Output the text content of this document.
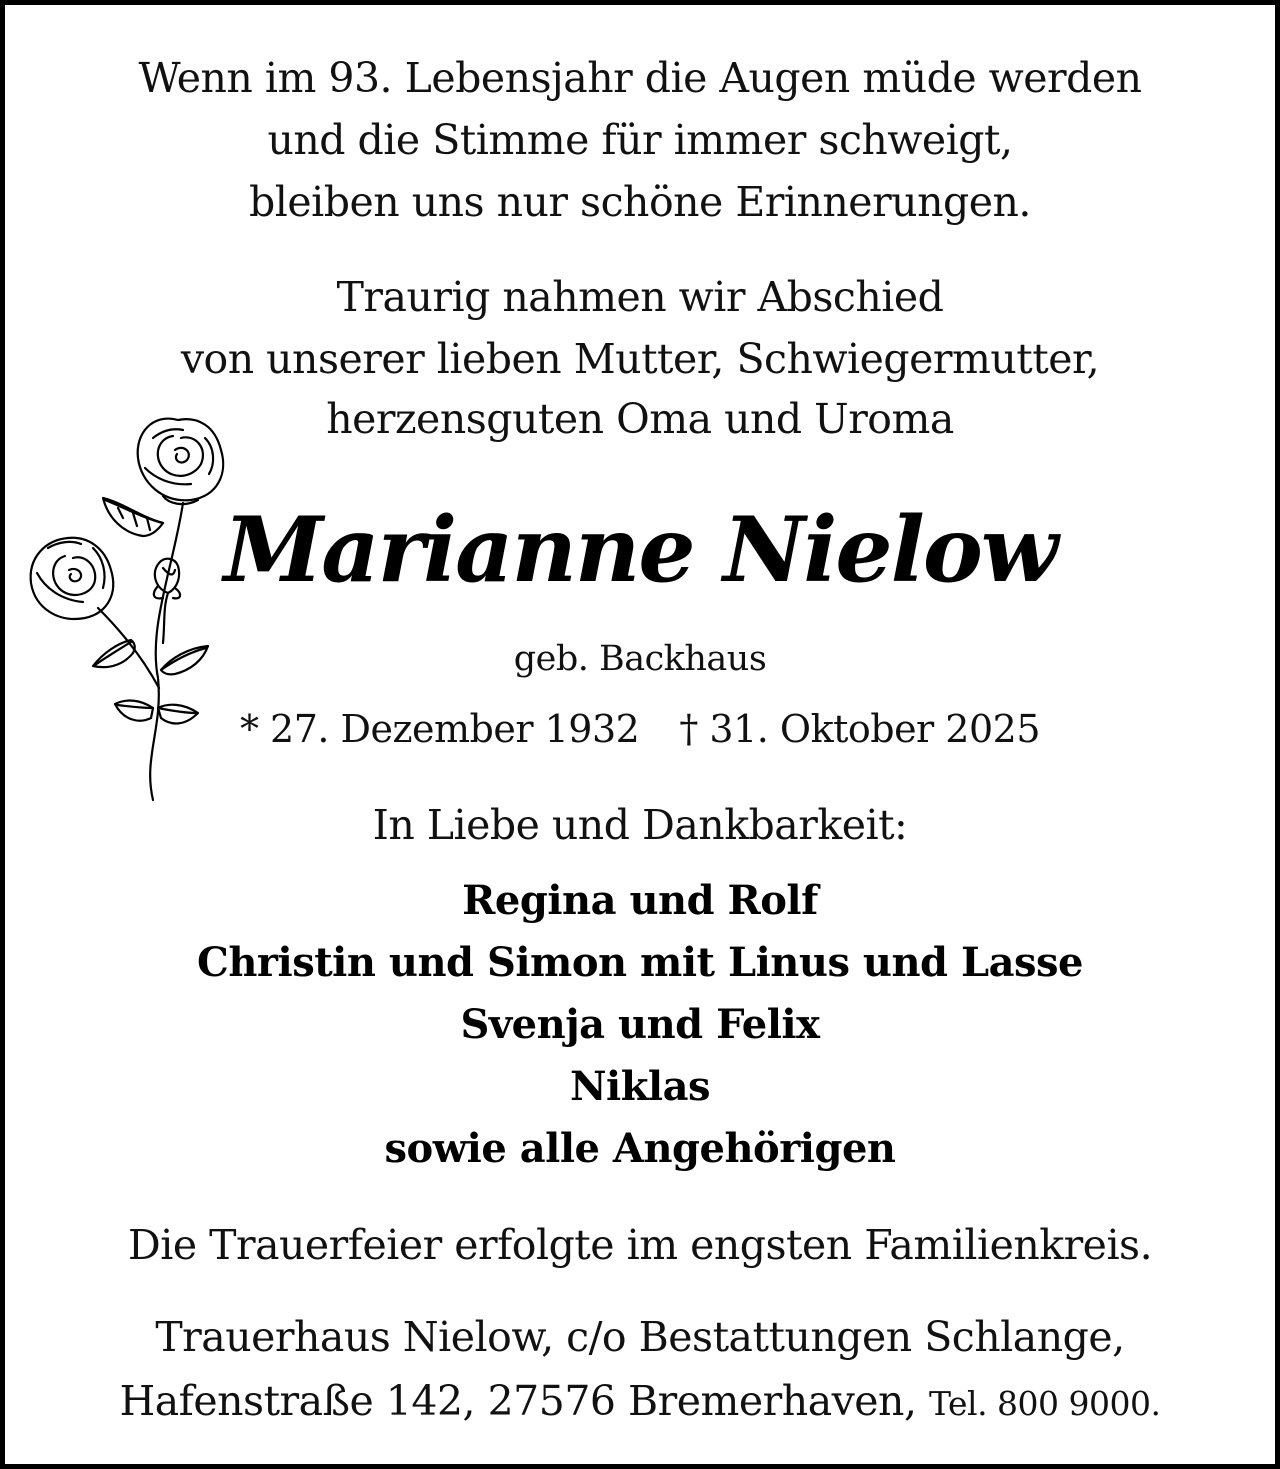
Wenn im 93. Lebensjahr die Augen müde werden
und die Stimme für immer schweigt,
bleiben uns nur schöne Erinnerungen.
Traurig nahmen wir Abschied
von unserer lieben Mutter, Schwiegermutter,
herzensguten Oma und Uroma
Marianne Nielow
geb. Backhaus
* 27. Dezember 1932 † 31. Oktober 2025
In Liebe und Dankbarkeit:
Regina und Rolf
Christin und Simon mit Linus und Lasse
Svenja und Felix
Niklas
sowie alle Angehörigen
Die Trauerfeier erfolgte im engsten Familienkreis.
Trauerhaus Nielow, c/o Bestattungen Schlange,
Hafenstraße 142, 27576 Bremerhaven, Tel. 800 9000.
